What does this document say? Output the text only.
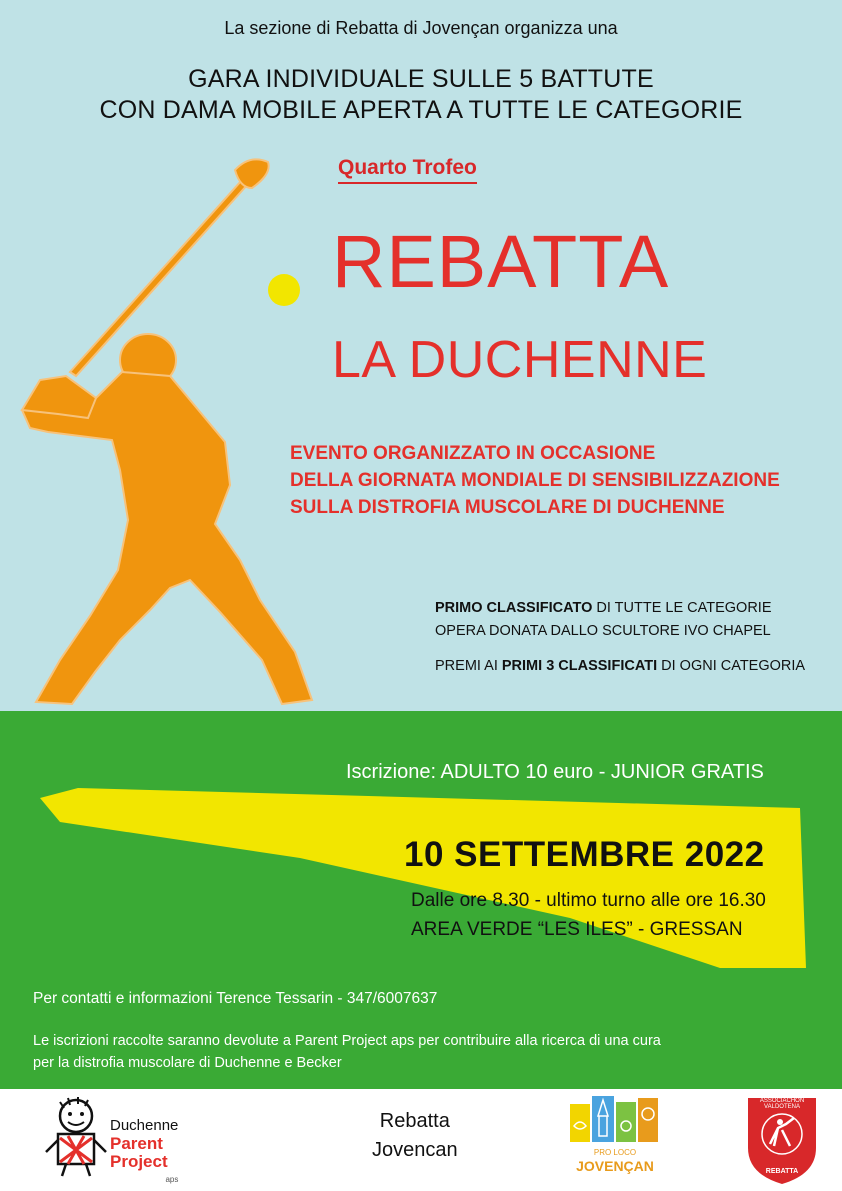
La sezione di Rebatta di Jovençan organizza una
GARA INDIVIDUALE SULLE 5 BATTUTE
CON DAMA MOBILE APERTA A TUTTE LE CATEGORIE
Quarto Trofeo
REBATTA
LA DUCHENNE
EVENTO ORGANIZZATO IN OCCASIONE
DELLA GIORNATA MONDIALE DI SENSIBILIZZAZIONE
SULLA DISTROFIA MUSCOLARE DI DUCHENNE
PRIMO CLASSIFICATO DI TUTTE LE CATEGORIE
OPERA DONATA DALLO SCULTORE IVO CHAPEL
PREMI AI PRIMI 3 CLASSIFICATI DI OGNI CATEGORIA
Iscrizione: ADULTO 10 euro - JUNIOR GRATIS
10 SETTEMBRE 2022
Dalle ore 8.30 - ultimo turno alle ore 16.30
AREA VERDE “LES ILES” - GRESSAN
Per contatti e informazioni Terence Tessarin - 347/6007637
Le iscrizioni raccolte saranno devolute a Parent Project aps per contribuire alla ricerca di una cura
per la distrofia muscolare di Duchenne e Becker
Duchenne
Parent
Project
aps
Rebatta
Jovencan	PRO LOCO
JOVENÇAN
ASSOCIACHON VALDOTENA
REBATTA
